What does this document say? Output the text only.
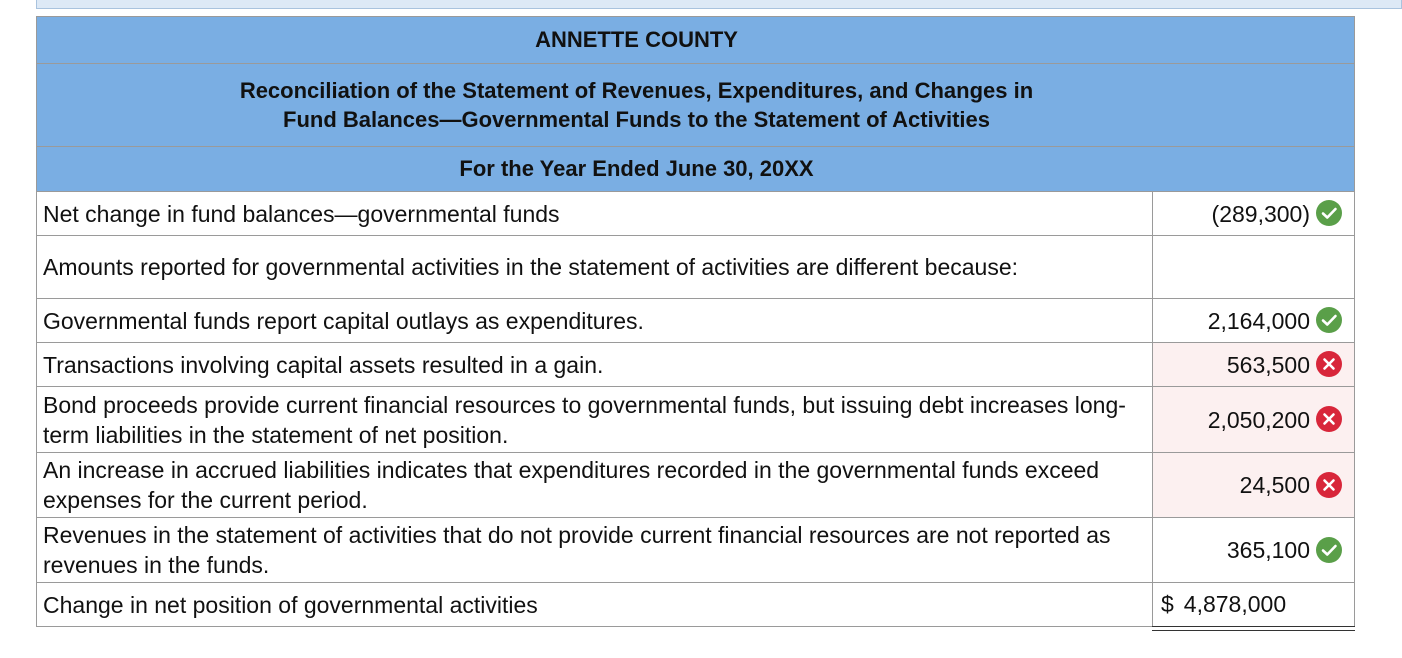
ANNETTE COUNTY	

Reconciliation of the Statement of Revenues, Expenditures, and Changes in
Fund Balances—Governmental Funds to the Statement of Activities	

For the Year Ended June 30, 20XX	
Net change in fund balances—governmental funds	(289,300)

Amounts reported for governmental activities in the statement of activities are different because:	
Governmental funds report capital outlays as expenditures.	2,164,000

Transactions involving capital assets resulted in a gain.	563,500

Bond proceeds provide current financial resources to governmental funds, but issuing debt increases long-term liabilities in the statement of net position.	2,050,200

An increase in accrued liabilities indicates that expenditures recorded in the governmental funds exceed expenses for the current period.	24,500

Revenues in the statement of activities that do not provide current financial resources are not reported as revenues in the funds.	365,100

Change in net position of governmental activities	$ 4,878,000
